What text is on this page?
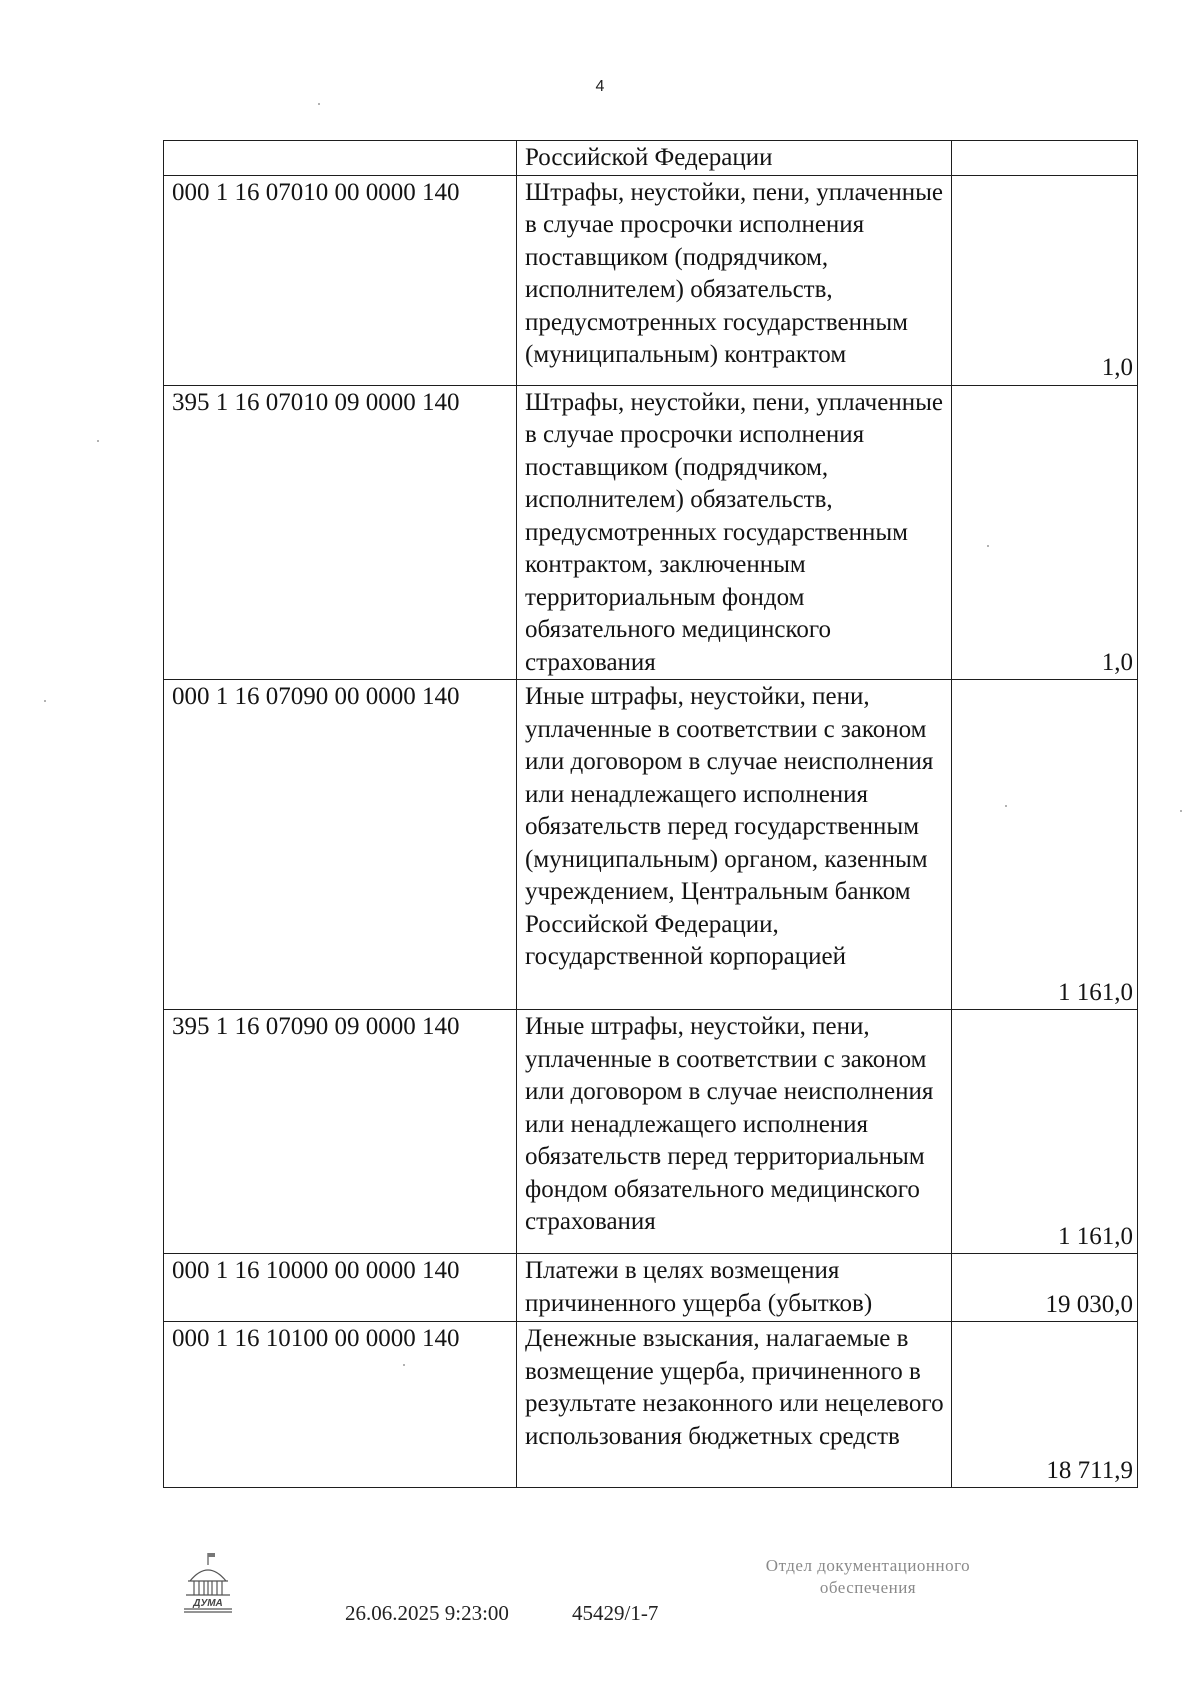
4
	Российской Федерации	
000 1 16 07010 00 0000 140	Штрафы, неустойки, пени, уплаченные в случае просрочки исполнения поставщиком (подрядчиком, исполнителем) обязательств, предусмотренных государственным (муниципальным) контрактом	1,0
395 1 16 07010 09 0000 140	Штрафы, неустойки, пени, уплаченные в случае просрочки исполнения поставщиком (подрядчиком, исполнителем) обязательств, предусмотренных государственным контрактом, заключенным территориальным фондом обязательного медицинского страхования	1,0
000 1 16 07090 00 0000 140	Иные штрафы, неустойки, пени, уплаченные в соответствии с законом или договором в случае неисполнения или ненадлежащего исполнения обязательств перед государственным (муниципальным) органом, казенным учреждением, Центральным банком Российской Федерации, государственной корпорацией	1 161,0
395 1 16 07090 09 0000 140	Иные штрафы, неустойки, пени, уплаченные в соответствии с законом или договором в случае неисполнения или ненадлежащего исполнения обязательств перед территориальным фондом обязательного медицинского страхования	1 161,0
000 1 16 10000 00 0000 140	Платежи в целях возмещения причиненного ущерба (убытков)	19 030,0
000 1 16 10100 00 0000 140	Денежные взыскания, налагаемые в возмещение ущерба, причиненного в результате незаконного или нецелевого использования бюджетных средств	18 711,9
ДУМА	26.06.2025 9:23:00	45429/1-7
Отдел документационного
обеспечения
